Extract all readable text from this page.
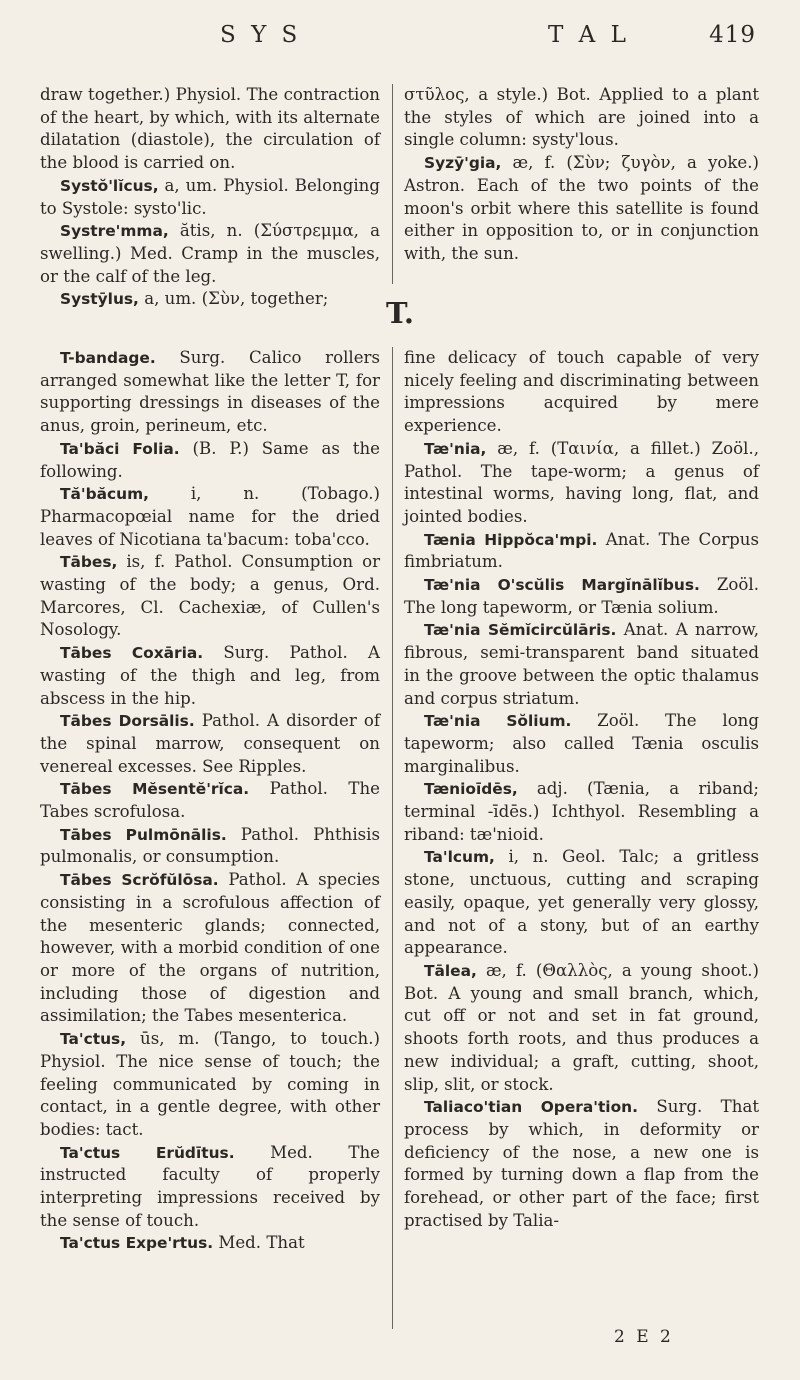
S Y S	T A L	419

draw together.) Physiol. The contraction of the heart, by which, with its alternate dilatation (diastole), the circulation of the blood is carried on.

Systŏ'lĭcus, a, um. Physiol. Belonging to Systole: systo'lic.

Systre'mma, ătis, n. (Σύστρεμμα, a swelling.) Med. Cramp in the muscles, or the calf of the leg.

Systȳlus, a, um. (Σὺν, together;

στῦλος, a style.) Bot. Applied to a plant the styles of which are joined into a single column: systy'lous.

Syzȳ'gia, æ, f. (Σὺν; ζυγὸν, a yoke.) Astron. Each of the two points of the moon's orbit where this satellite is found either in opposition to, or in conjunction with, the sun.

T.

T-bandage. Surg. Calico rollers arranged somewhat like the letter T, for supporting dressings in diseases of the anus, groin, perineum, etc.

Ta'băci Folia. (B. P.) Same as the following.

Tă'băcum, i, n. (Tobago.) Pharmacopœial name for the dried leaves of Nicotiana ta'bacum: toba'cco.

Tābes, is, f. Pathol. Consumption or wasting of the body; a genus, Ord. Marcores, Cl. Cachexiæ, of Cullen's Nosology.

Tābes Coxāria. Surg. Pathol. A wasting of the thigh and leg, from abscess in the hip.

Tābes Dorsālis. Pathol. A disorder of the spinal marrow, consequent on venereal excesses. See Ripples.

Tābes Mĕsentĕ'rĭca. Pathol. The Tabes scrofulosa.

Tābes Pulmōnālis. Pathol. Phthisis pulmonalis, or consumption.

Tābes Scrŏfŭlōsa. Pathol. A species consisting in a scrofulous affection of the mesenteric glands; connected, however, with a morbid condition of one or more of the organs of nutrition, including those of digestion and assimilation; the Tabes mesenterica.

Ta'ctus, ūs, m. (Tango, to touch.) Physiol. The nice sense of touch; the feeling communicated by coming in contact, in a gentle degree, with other bodies: tact.

Ta'ctus Erŭdītus. Med. The instructed faculty of properly interpreting impressions received by the sense of touch.

Ta'ctus Expe'rtus. Med. That

fine delicacy of touch capable of very nicely feeling and discriminating between impressions acquired by mere experience.

Tæ'nia, æ, f. (Ταινία, a fillet.) Zoöl., Pathol. The tape-worm; a genus of intestinal worms, having long, flat, and jointed bodies.

Tænia Hippŏca'mpi. Anat. The Corpus fimbriatum.

Tæ'nia O'scŭlis Margĭnālĭbus. Zoöl. The long tapeworm, or Tænia solium.

Tæ'nia Sĕmĭcircŭlāris. Anat. A narrow, fibrous, semi-transparent band situated in the groove between the optic thalamus and corpus striatum.

Tæ'nia Sŏlium. Zoöl. The long tapeworm; also called Tænia osculis marginalibus.

Tænioīdēs, adj. (Tænia, a riband; terminal -īdēs.) Ichthyol. Resembling a riband: tæ'nioid.

Ta'lcum, i, n. Geol. Talc; a gritless stone, unctuous, cutting and scraping easily, opaque, yet generally very glossy, and not of a stony, but of an earthy appearance.

Tālea, æ, f. (Θαλλὸς, a young shoot.) Bot. A young and small branch, which, cut off or not and set in fat ground, shoots forth roots, and thus produces a new individual; a graft, cutting, shoot, slip, slit, or stock.

Taliaco'tian Opera'tion. Surg. That process by which, in deformity or deficiency of the nose, a new one is formed by turning down a flap from the forehead, or other part of the face; first practised by Talia-

2 E 2
